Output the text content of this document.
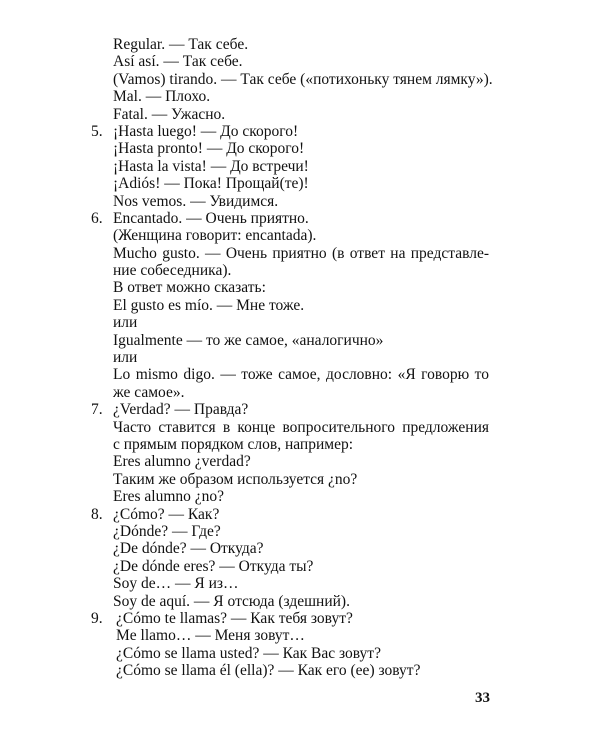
Regular. — Так себе.
Así así. — Так себе.
(Vamos) tirando. — Так себе («потихоньку тянем лямку»).
Mal. — Плохо.
Fatal. — Ужасно.
5. ¡Hasta luego! — До скорого!
¡Hasta pronto! — До скорого!
¡Hasta la vista! — До встречи!
¡Adiós! — Пока! Прощай(те)!
Nos vemos. — Увидимся.
6. Encantado. — Очень приятно.
(Женщина говорит: encantada).
Mucho gusto. — Очень приятно (в ответ на представле-
ние собеседника).
В ответ можно сказать:
El gusto es mío. — Мне тоже.
или
Igualmente — то же самое, «аналогично»
или
Lo mismo digo. — тоже самое, дословно: «Я говорю то
же самое».
7. ¿Verdad? — Правда?
Часто ставится в конце вопросительного предложения
с прямым порядком слов, например:
Eres alumno ¿verdad?
Таким же образом используется ¿no?
Eres alumno ¿no?
8. ¿Cómo? — Как?
¿Dónde? — Где?
¿De dónde? — Откуда?
¿De dónde eres? — Откуда ты?
Soy de… — Я из…
Soy de aquí. — Я отсюда (здешний).
9. ¿Cómo te llamas? — Как тебя зовут?
Me llamo… — Меня зовут…
¿Cómo se llama usted? — Как Вас зовут?
¿Cómo se llama él (ella)? — Как его (ее) зовут?
33
